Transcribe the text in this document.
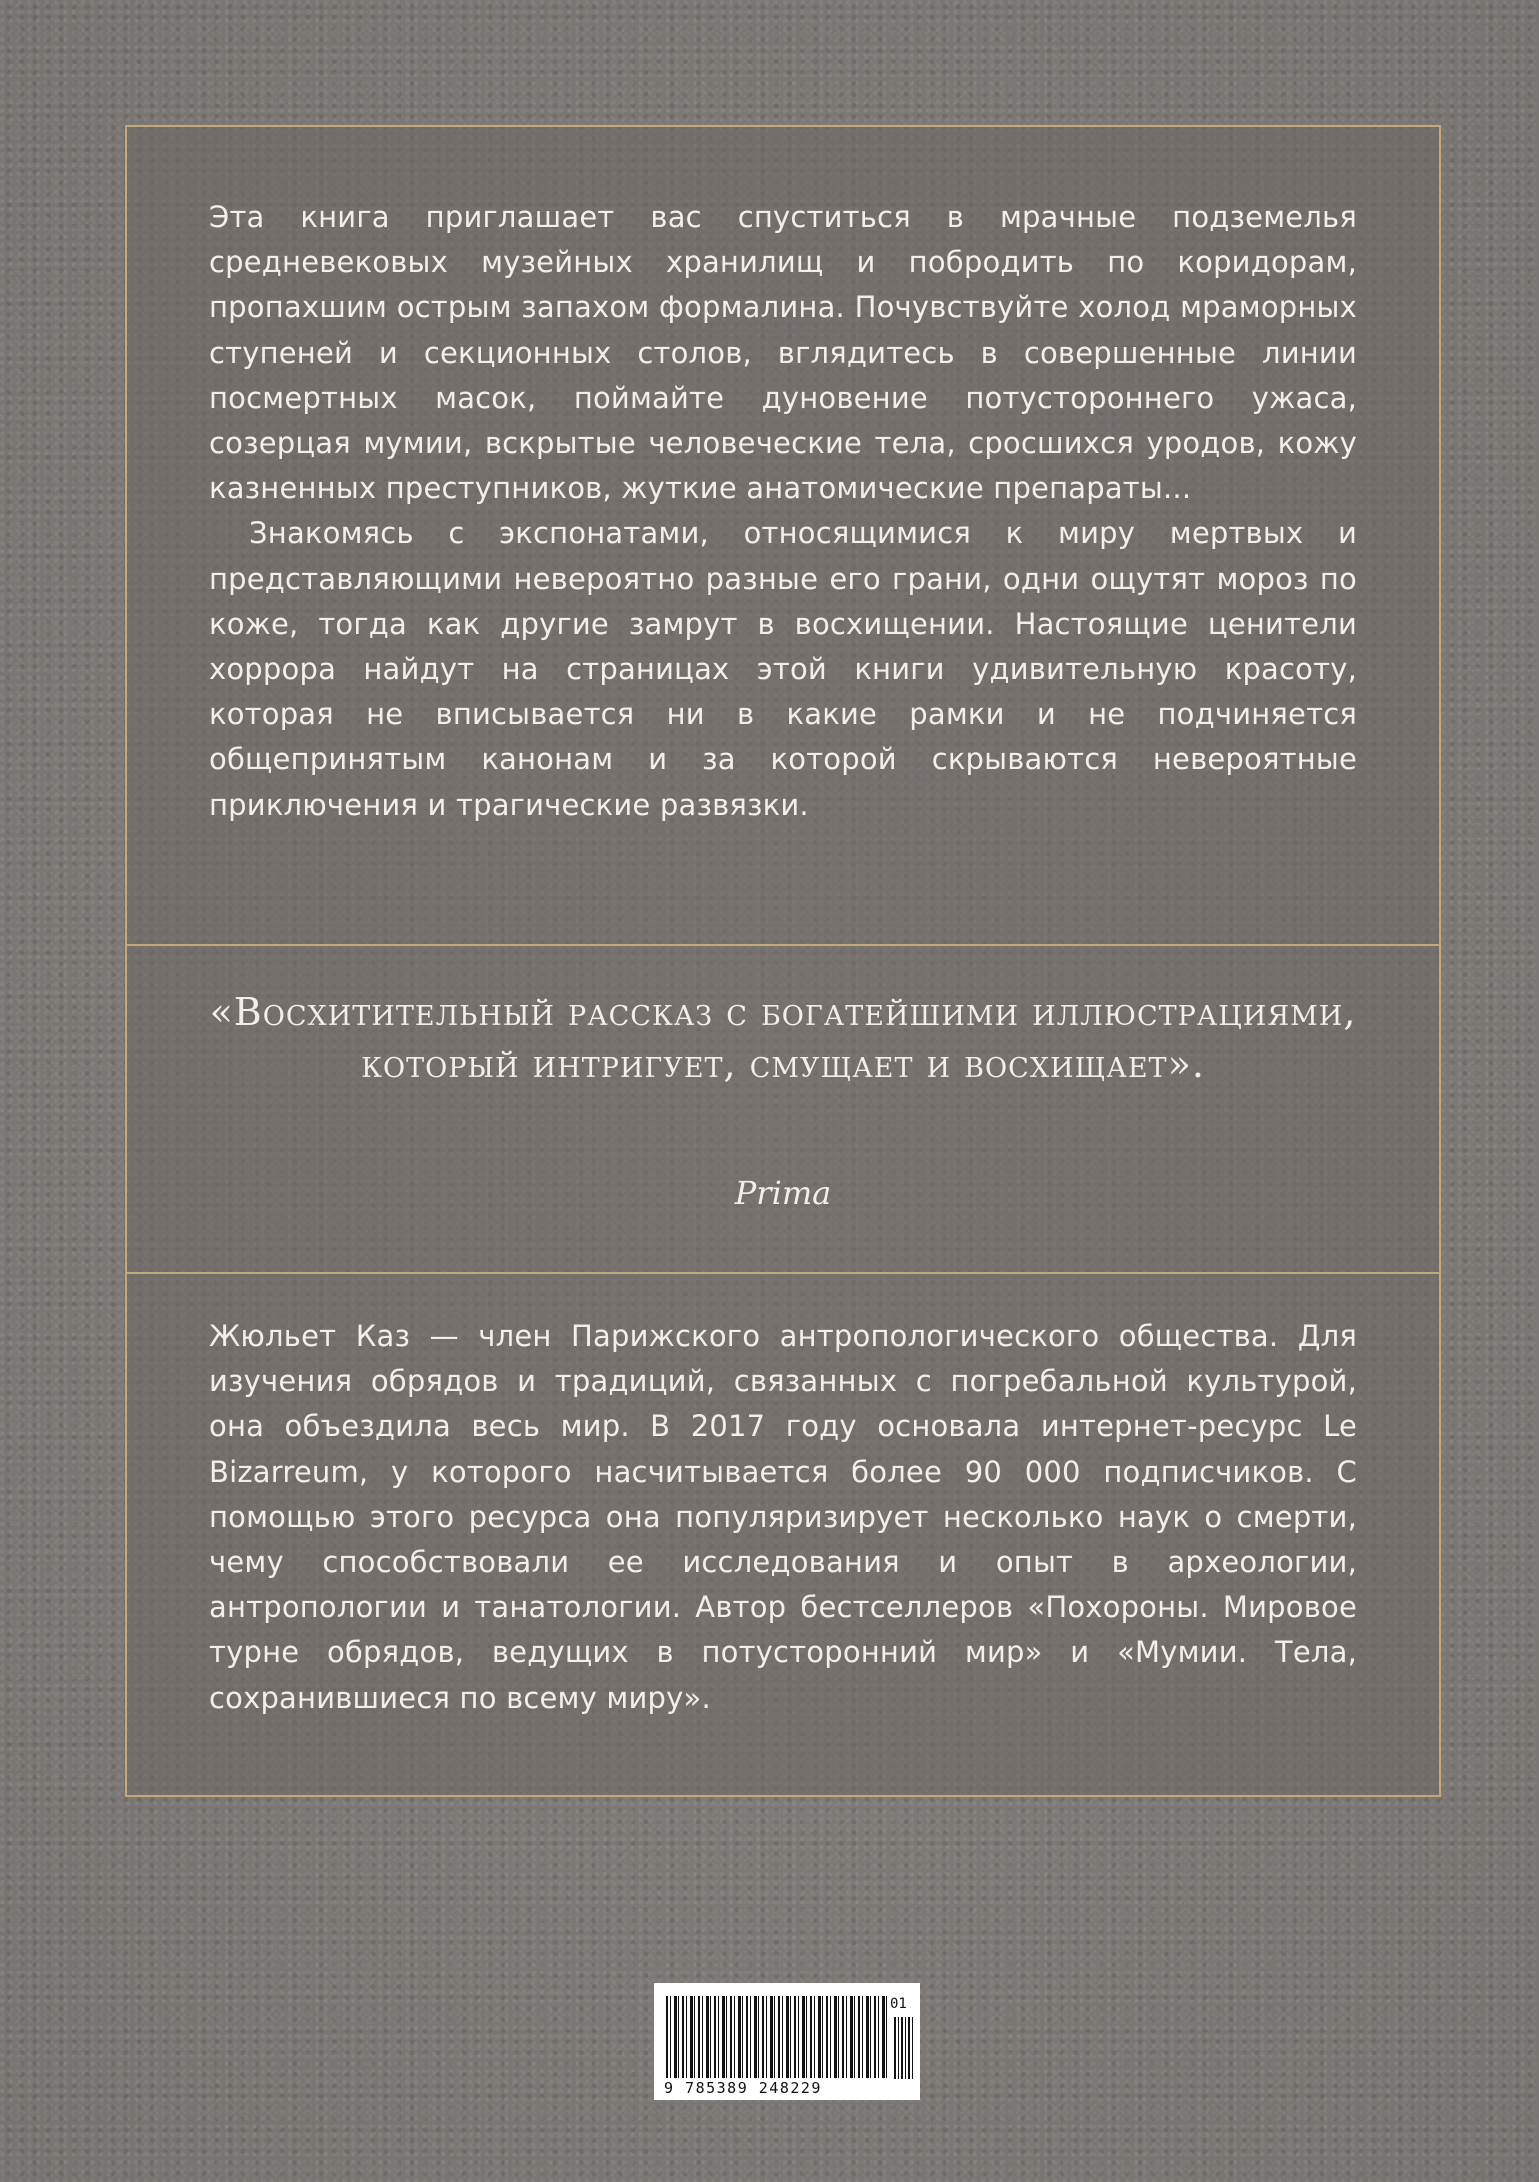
Эта книга приглашает вас спуститься в мрачные подземелья средневековых музейных хранилищ и побродить по коридорам, пропахшим острым запахом формалина. Почувствуйте холод мраморных ступеней и секционных столов, вглядитесь в совершенные линии посмертных масок, поймайте дуновение потустороннего ужаса, созерцая мумии, вскрытые человеческие тела, сросшихся уродов, кожу казненных преступников, жуткие анатомические препараты...

Знакомясь с экспонатами, относящимися к миру мертвых и представляющими невероятно разные его грани, одни ощутят мороз по коже, тогда как другие замрут в восхищении. Настоящие ценители хоррора найдут на страницах этой книги удивительную красоту, которая не вписывается ни в какие рамки и не подчиняется общепринятым канонам и за которой скрываются невероятные приключения и трагические развязки.

«Восхитительный рассказ с богатейшими иллюстрациями, который интригует, смущает и восхищает».
Prima

Жюльет Каз — член Парижского антропологического общества. Для изучения обрядов и традиций, связанных с погребальной культурой, она объездила весь мир. В 2017 году основала интернет-ресурс Le Bizarreum, у которого насчитывается более 90 000 подписчиков. С помощью этого ресурса она популяризирует несколько наук о смерти, чему способствовали ее исследования и опыт в археологии, антропологии и танатологии. Автор бестселлеров «Похороны. Мировое турне обрядов, ведущих в потусторонний мир» и «Мумии. Тела, сохранившиеся по всему миру».

9 785389 248229
01
